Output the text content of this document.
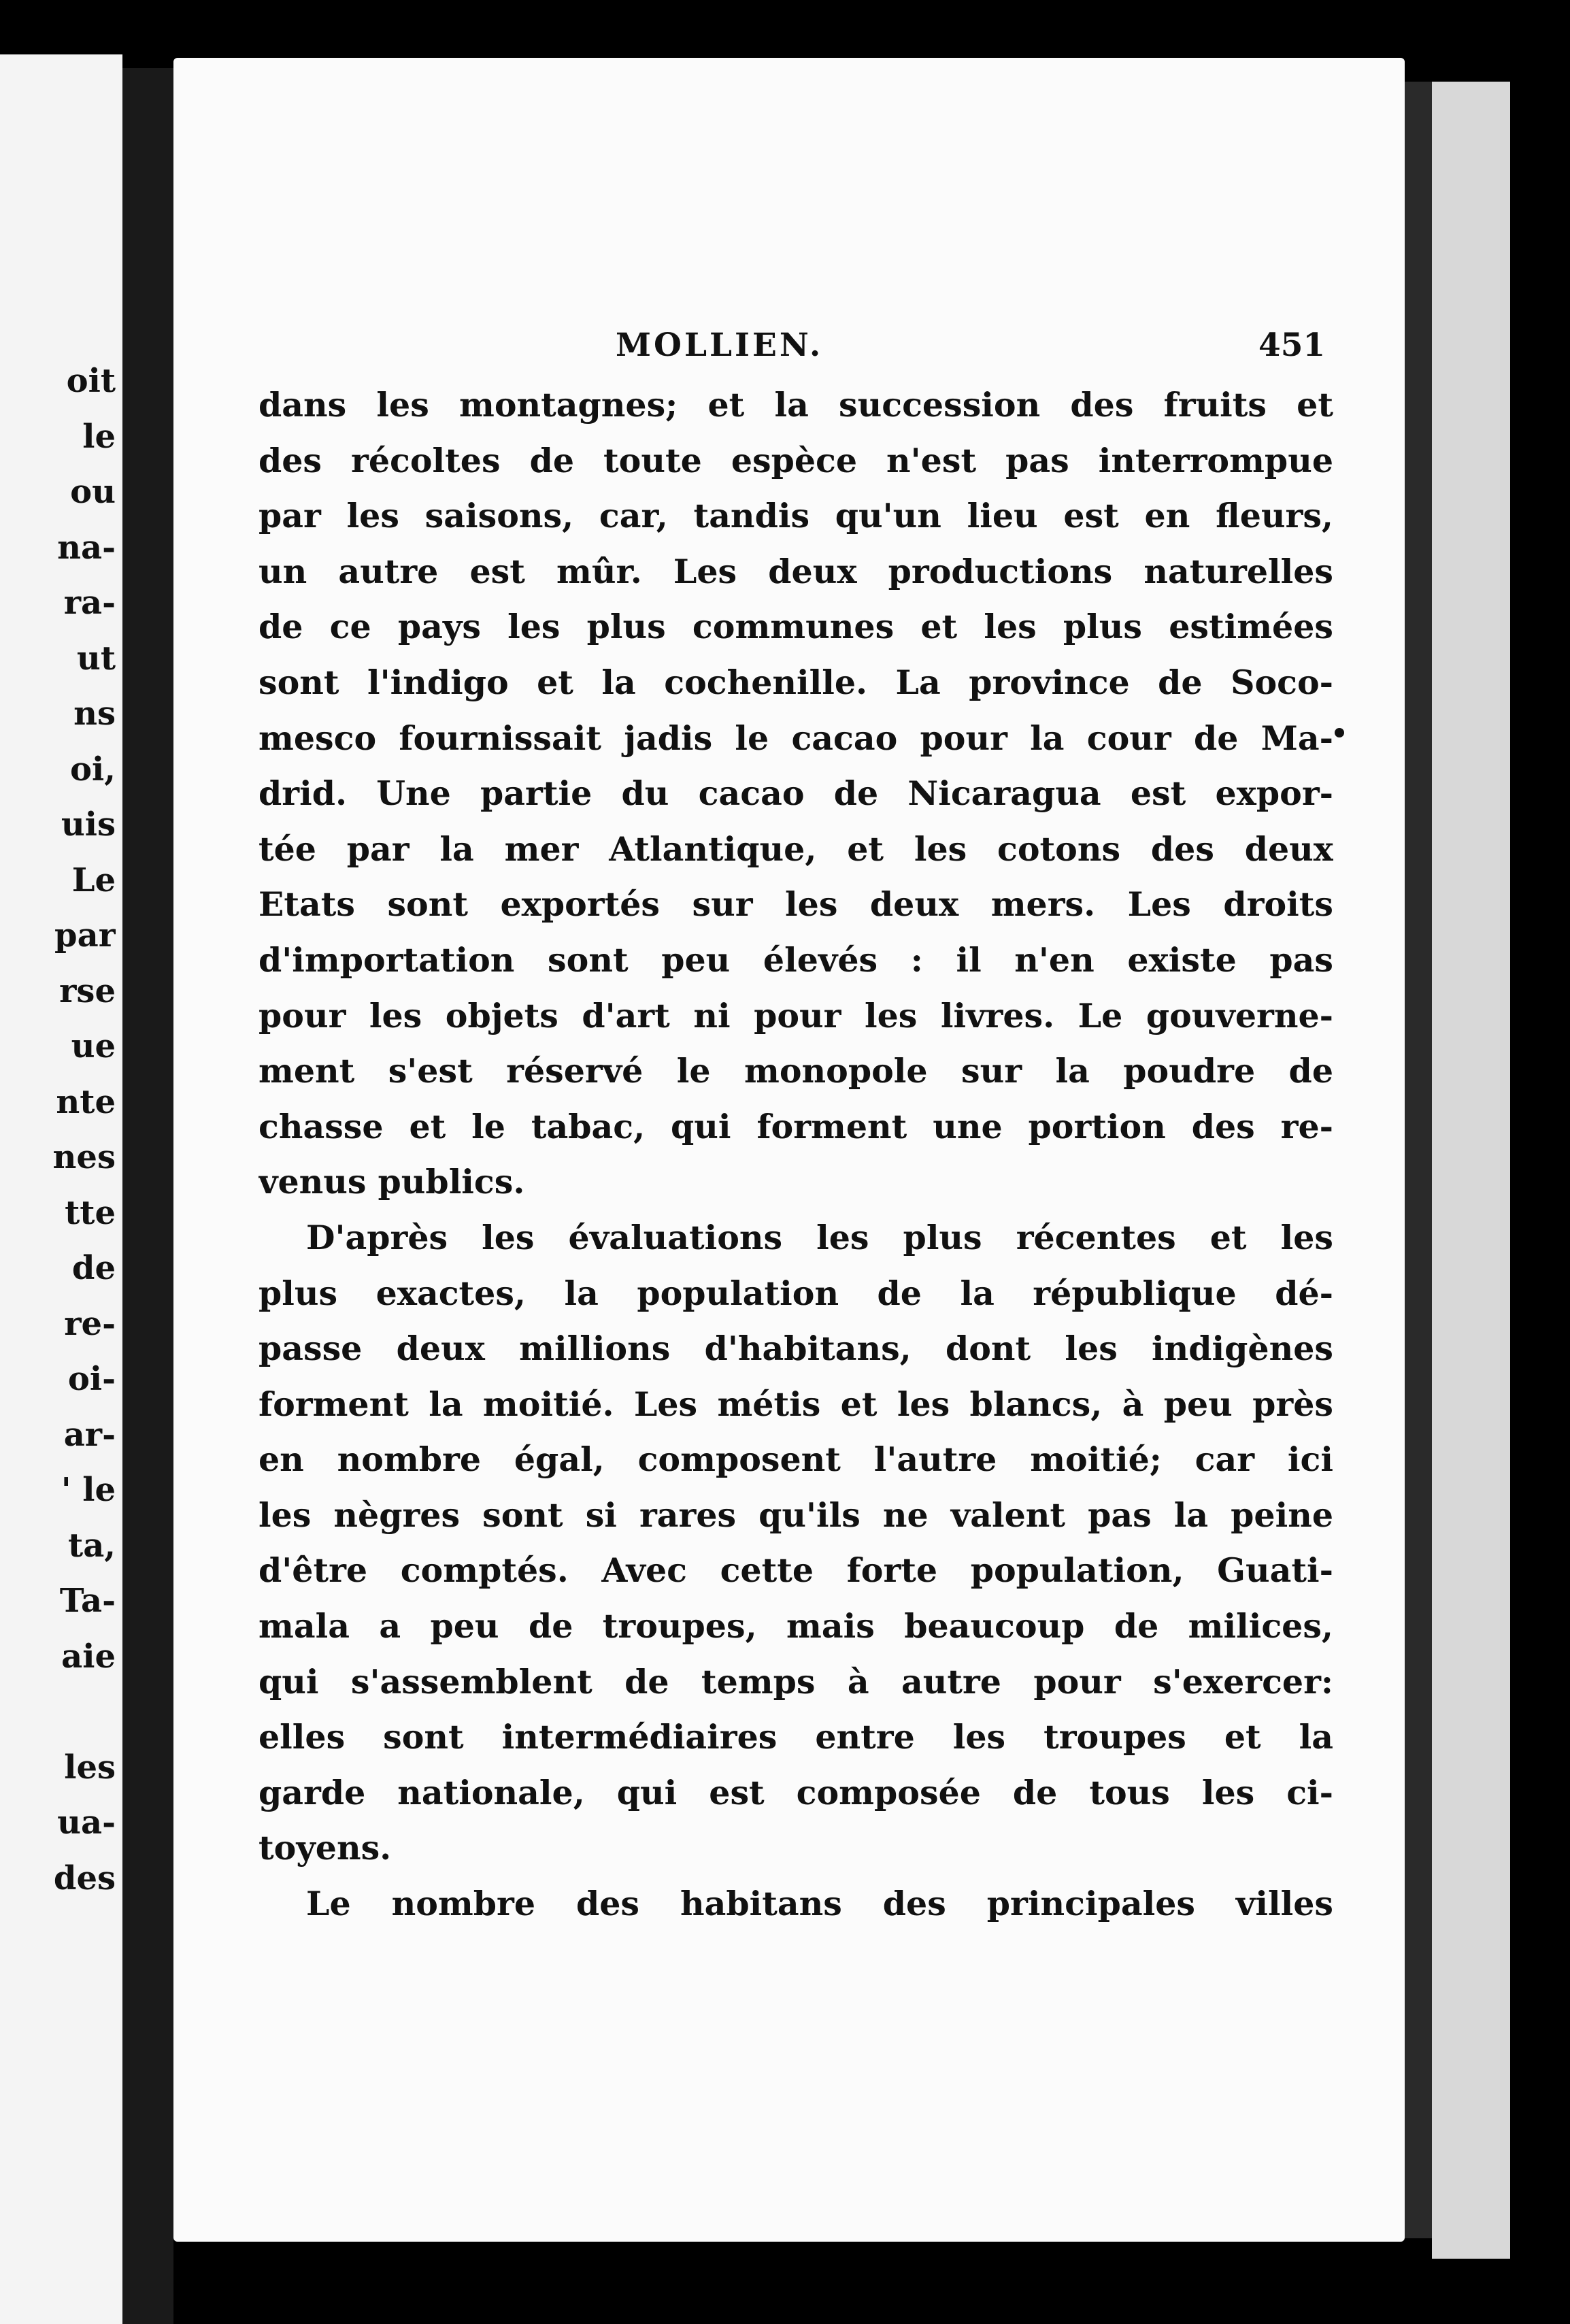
oit
le
ou
na-
ra-
ut
ns
oi,
uis
Le
par
rse
ue
nte
nes
tte
de
re-
oi-
ar-
' le
ta,
Ta-
aie
les
ua-
des
MOLLIEN.	451
dans les montagnes; et la succession des fruits et
des récoltes de toute espèce n'est pas interrompue
par les saisons, car, tandis qu'un lieu est en fleurs,
un autre est mûr. Les deux productions naturelles
de ce pays les plus communes et les plus estimées
sont l'indigo et la cochenille. La province de Soco-
mesco fournissait jadis le cacao pour la cour de Ma-
drid. Une partie du cacao de Nicaragua est expor-
tée par la mer Atlantique, et les cotons des deux
Etats sont exportés sur les deux mers. Les droits
d'importation sont peu élevés : il n'en existe pas
pour les objets d'art ni pour les livres. Le gouverne-
ment s'est réservé le monopole sur la poudre de
chasse et le tabac, qui forment une portion des re-
venus publics.
D'après les évaluations les plus récentes et les
plus exactes, la population de la république dé-
passe deux millions d'habitans, dont les indigènes
forment la moitié. Les métis et les blancs, à peu près
en nombre égal, composent l'autre moitié; car ici
les nègres sont si rares qu'ils ne valent pas la peine
d'être comptés. Avec cette forte population, Guati-
mala a peu de troupes, mais beaucoup de milices,
qui s'assemblent de temps à autre pour s'exercer:
elles sont intermédiaires entre les troupes et la
garde nationale, qui est composée de tous les ci-
toyens.
Le nombre des habitans des principales villes
